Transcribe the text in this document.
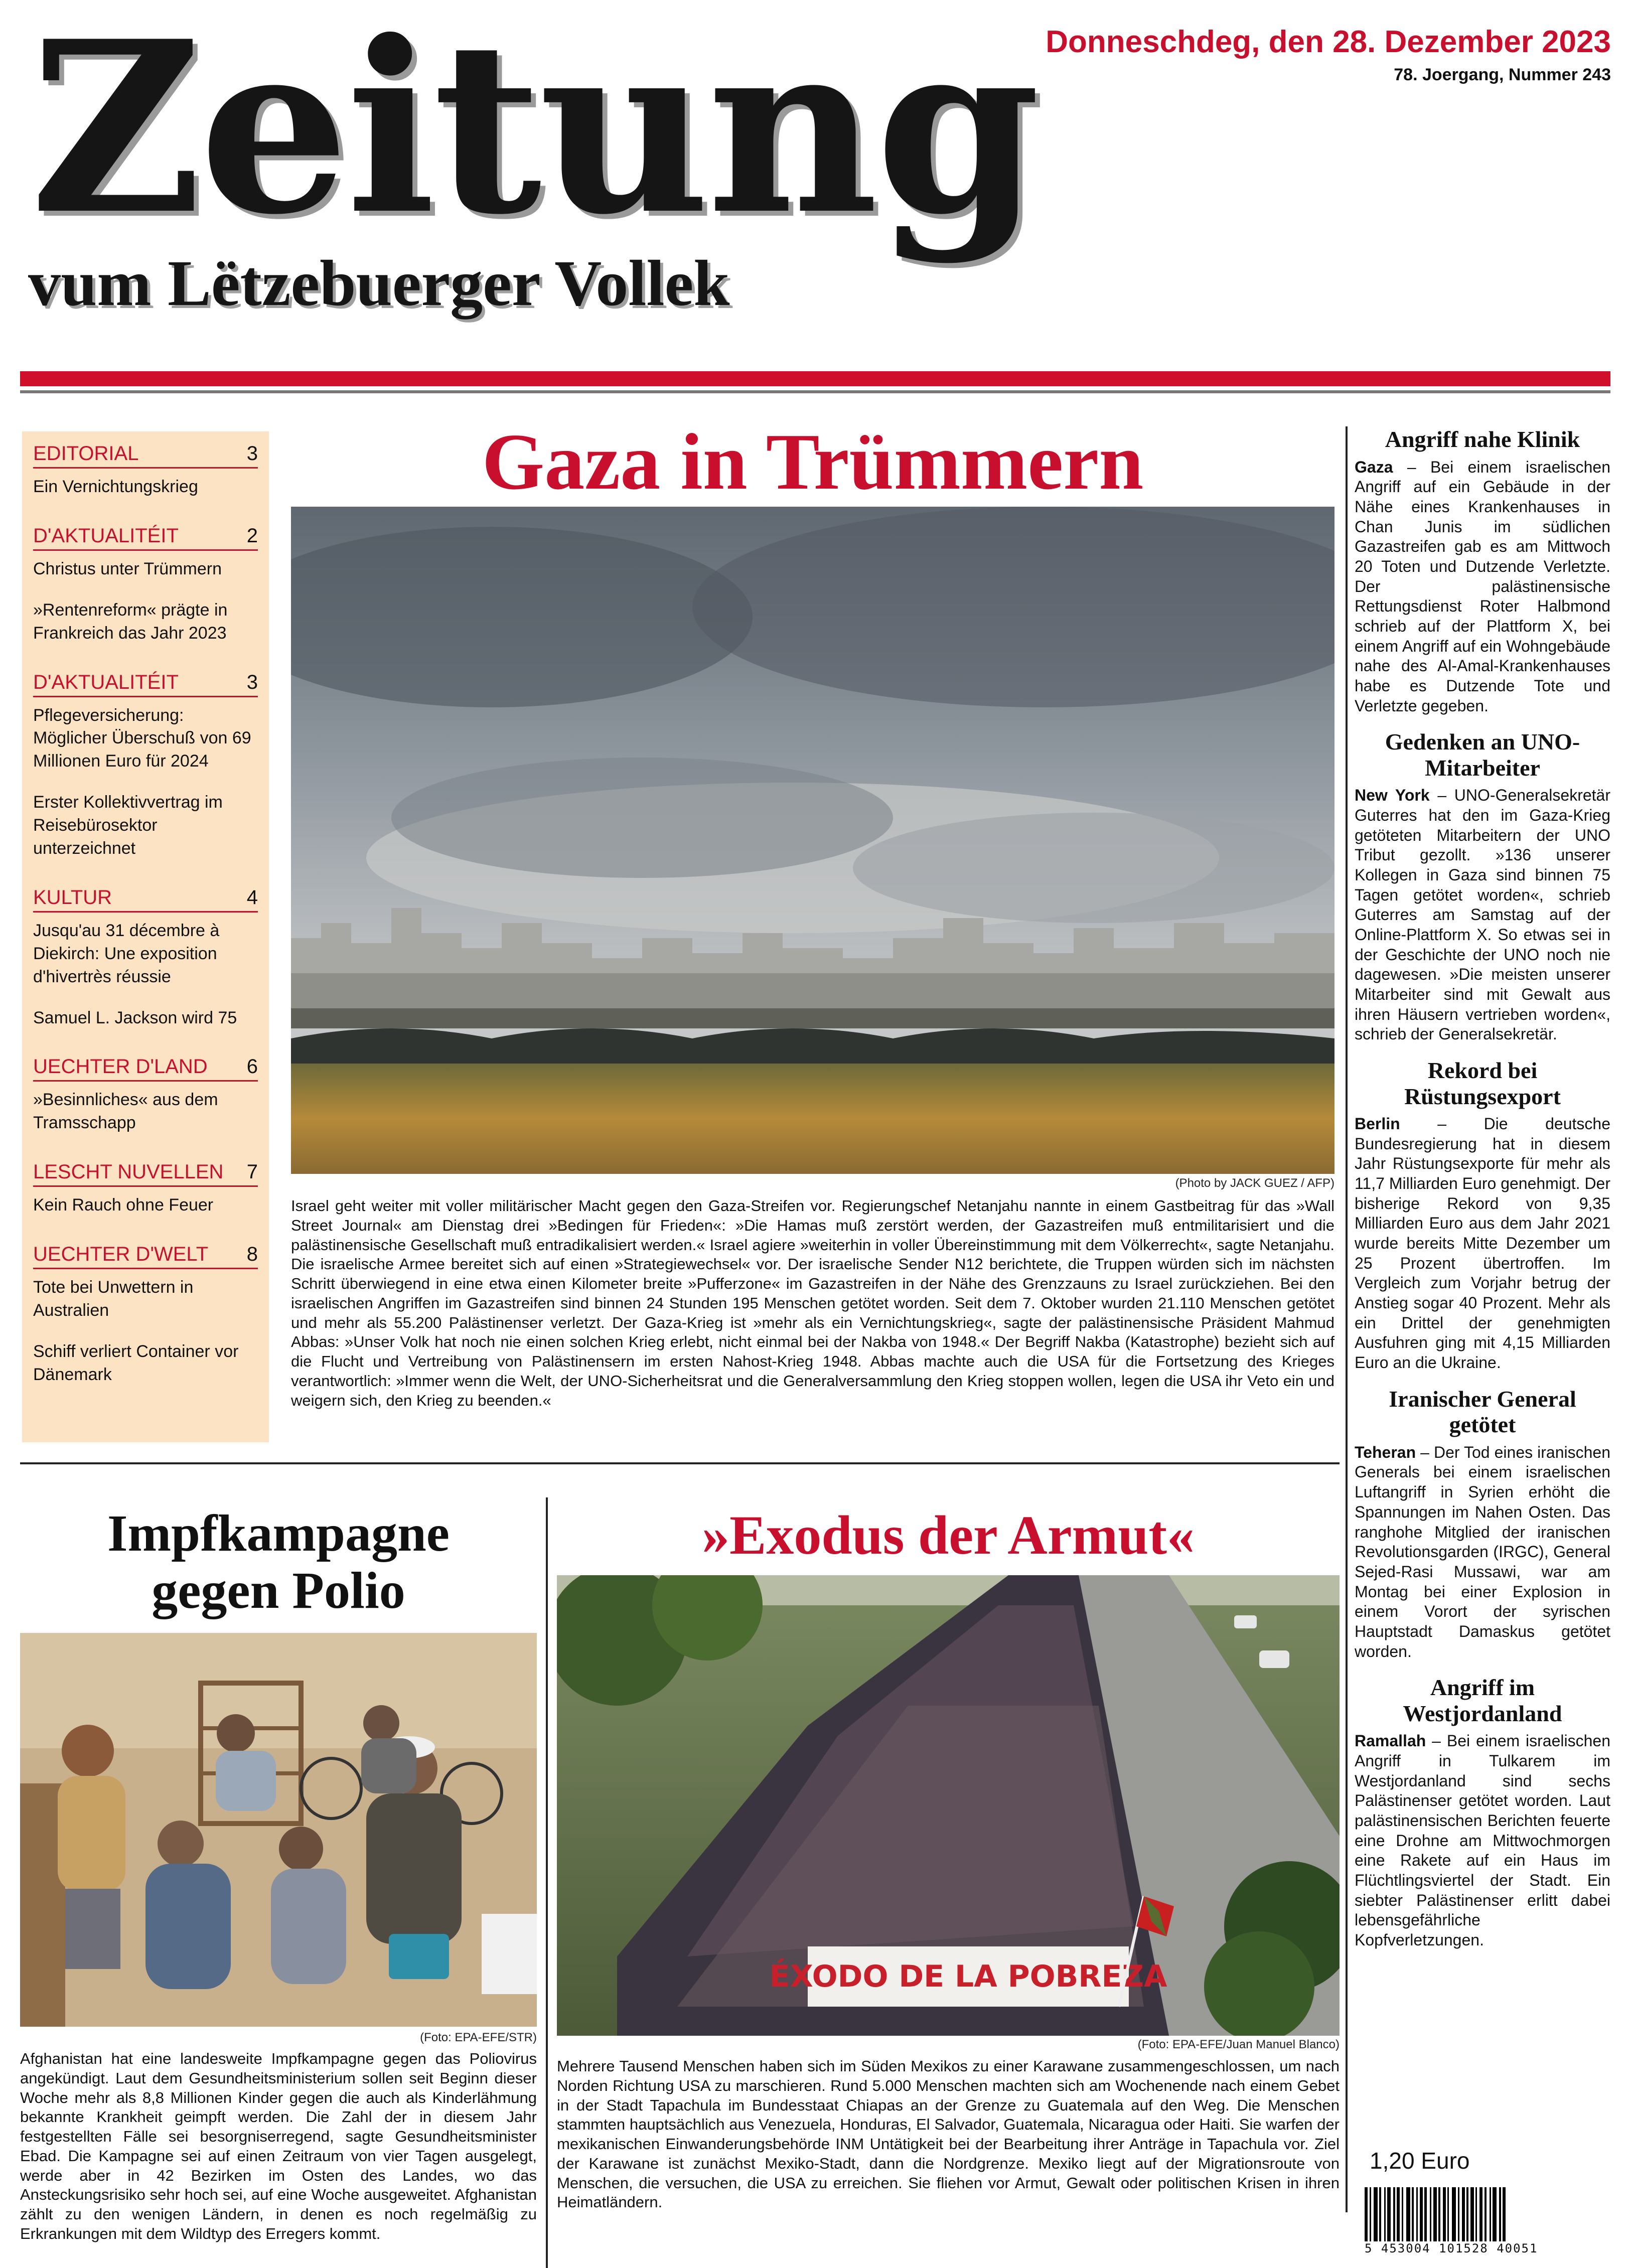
Zeitung
vum Lëtzebuerger Vollek
Donneschdeg, den 28. Dezember 2023
78. Joergang, Nummer 243
EDITORIAL	3
Ein Vernichtungskrieg
D'AKTUALITÉIT	2
Christus unter Trümmern
»Rentenreform« prägte in Frankreich das Jahr 2023
D'AKTUALITÉIT	3
Pflegeversicherung: Möglicher Überschuß von 69 Millionen Euro für 2024
Erster Kollektivvertrag im Reisebürosektor unterzeichnet
KULTUR	4
Jusqu'au 31 décembre à Diekirch: Une exposition d'hivertrès réussie
Samuel L. Jackson wird 75
UECHTER D'LAND 6
»Besinnliches« aus dem Tramsschapp
LESCHT NUVELLEN 7
Kein Rauch ohne Feuer
UECHTER D'WELT 8
Tote bei Unwettern in Australien
Schiff verliert Container vor Dänemark
Gaza in Trümmern
(Photo by JACK GUEZ / AFP)
Israel geht weiter mit voller militärischer Macht gegen den Gaza-Streifen vor. Regierungschef Netanjahu nannte in einem Gastbeitrag für das »Wall Street Journal« am Dienstag drei »Bedingen für Frieden«: »Die Hamas muß zerstört werden, der Gazastreifen muß entmilitarisiert und die palästinensische Gesellschaft muß entradikalisiert werden.« Israel agiere »weiterhin in voller Übereinstimmung mit dem Völkerrecht«, sagte Netanjahu. Die israelische Armee bereitet sich auf einen »Strategiewechsel« vor. Der israelische Sender N12 berichtete, die Truppen würden sich im nächsten Schritt überwiegend in eine etwa einen Kilometer breite »Pufferzone« im Gazastreifen in der Nähe des Grenzzauns zu Israel zurückziehen. Bei den israelischen Angriffen im Gazastreifen sind binnen 24 Stunden 195 Menschen getötet worden. Seit dem 7. Oktober wurden 21.110 Menschen getötet und mehr als 55.200 Palästinenser verletzt. Der Gaza-Krieg ist »mehr als ein Vernichtungskrieg«, sagte der palästinensische Präsident Mahmud Abbas: »Unser Volk hat noch nie einen solchen Krieg erlebt, nicht einmal bei der Nakba von 1948.« Der Begriff Nakba (Katastrophe) bezieht sich auf die Flucht und Vertreibung von Palästinensern im ersten Nahost-Krieg 1948. Abbas machte auch die USA für die Fortsetzung des Krieges verantwortlich: »Immer wenn die Welt, der UNO-Sicherheitsrat und die Generalversammlung den Krieg stoppen wollen, legen die USA ihr Veto ein und weigern sich, den Krieg zu beenden.«
Impfkampagne
gegen Polio
(Foto: EPA-EFE/STR)
Afghanistan hat eine landesweite Impfkampagne gegen das Poliovirus angekündigt. Laut dem Gesundheitsministerium sollen seit Beginn dieser Woche mehr als 8,8 Millionen Kinder gegen die auch als Kinderlähmung bekannte Krankheit geimpft werden. Die Zahl der in diesem Jahr festgestellten Fälle sei besorgniserregend, sagte Gesundheitsminister Ebad. Die Kampagne sei auf einen Zeitraum von vier Tagen ausgelegt, werde aber in 42 Bezirken im Osten des Landes, wo das Ansteckungsrisiko sehr hoch sei, auf eine Woche ausgeweitet. Afghanistan zählt zu den wenigen Ländern, in denen es noch regelmäßig zu Erkrankungen mit dem Wildtyp des Erregers kommt.
»Exodus der Armut«
ÉXODO DE LA POBREZA
(Foto: EPA-EFE/Juan Manuel Blanco)
Mehrere Tausend Menschen haben sich im Süden Mexikos zu einer Karawane zusammengeschlossen, um nach Norden Richtung USA zu marschieren. Rund 5.000 Menschen machten sich am Wochenende nach einem Gebet in der Stadt Tapachula im Bundesstaat Chiapas an der Grenze zu Guatemala auf den Weg. Die Menschen stammten hauptsächlich aus Venezuela, Honduras, El Salvador, Guatemala, Nicaragua oder Haiti. Sie warfen der mexikanischen Einwanderungsbehörde INM Untätigkeit bei der Bearbeitung ihrer Anträge in Tapachula vor. Ziel der Karawane ist zunächst Mexiko-Stadt, dann die Nordgrenze. Mexiko liegt auf der Migrationsroute von Menschen, die versuchen, die USA zu erreichen. Sie fliehen vor Armut, Gewalt oder politischen Krisen in ihren Heimatländern.
Angriff nahe Klinik
Gaza – Bei einem israelischen Angriff auf ein Gebäude in der Nähe eines Krankenhauses in Chan Junis im südlichen Gazastreifen gab es am Mittwoch 20 Toten und Dutzende Verletzte. Der palästinensische Rettungsdienst Roter Halbmond schrieb auf der Plattform X, bei einem Angriff auf ein Wohngebäude nahe des Al-Amal-Krankenhauses habe es Dutzende Tote und Verletzte gegeben.
Gedenken an UNO-Mitarbeiter
New York – UNO-Generalsekretär Guterres hat den im Gaza-Krieg getöteten Mitarbeitern der UNO Tribut gezollt. »136 unserer Kollegen in Gaza sind binnen 75 Tagen getötet worden«, schrieb Guterres am Samstag auf der Online-Plattform X. So etwas sei in der Geschichte der UNO noch nie dagewesen. »Die meisten unserer Mitarbeiter sind mit Gewalt aus ihren Häusern vertrieben worden«, schrieb der Generalsekretär.
Rekord bei Rüstungsexport
Berlin – Die deutsche Bundesregierung hat in diesem Jahr Rüstungsexporte für mehr als 11,7 Milliarden Euro genehmigt. Der bisherige Rekord von 9,35 Milliarden Euro aus dem Jahr 2021 wurde bereits Mitte Dezember um 25 Prozent übertroffen. Im Vergleich zum Vorjahr betrug der Anstieg sogar 40 Prozent. Mehr als ein Drittel der genehmigten Ausfuhren ging mit 4,15 Milliarden Euro an die Ukraine.
Iranischer General getötet
Teheran – Der Tod eines iranischen Generals bei einem israelischen Luftangriff in Syrien erhöht die Spannungen im Nahen Osten. Das ranghohe Mitglied der iranischen Revolutionsgarden (IRGC), General Sejed-Rasi Mussawi, war am Montag bei einer Explosion in einem Vorort der syrischen Hauptstadt Damaskus getötet worden.
Angriff im Westjordanland
Ramallah – Bei einem israelischen Angriff in Tulkarem im Westjordanland sind sechs Palästinenser getötet worden. Laut palästinensischen Berichten feuerte eine Drohne am Mittwochmorgen eine Rakete auf ein Haus im Flüchtlingsviertel der Stadt. Ein siebter Palästinenser erlitt dabei lebensgefährliche Kopfverletzungen.
1,20 Euro
5 453004 101528 40051
